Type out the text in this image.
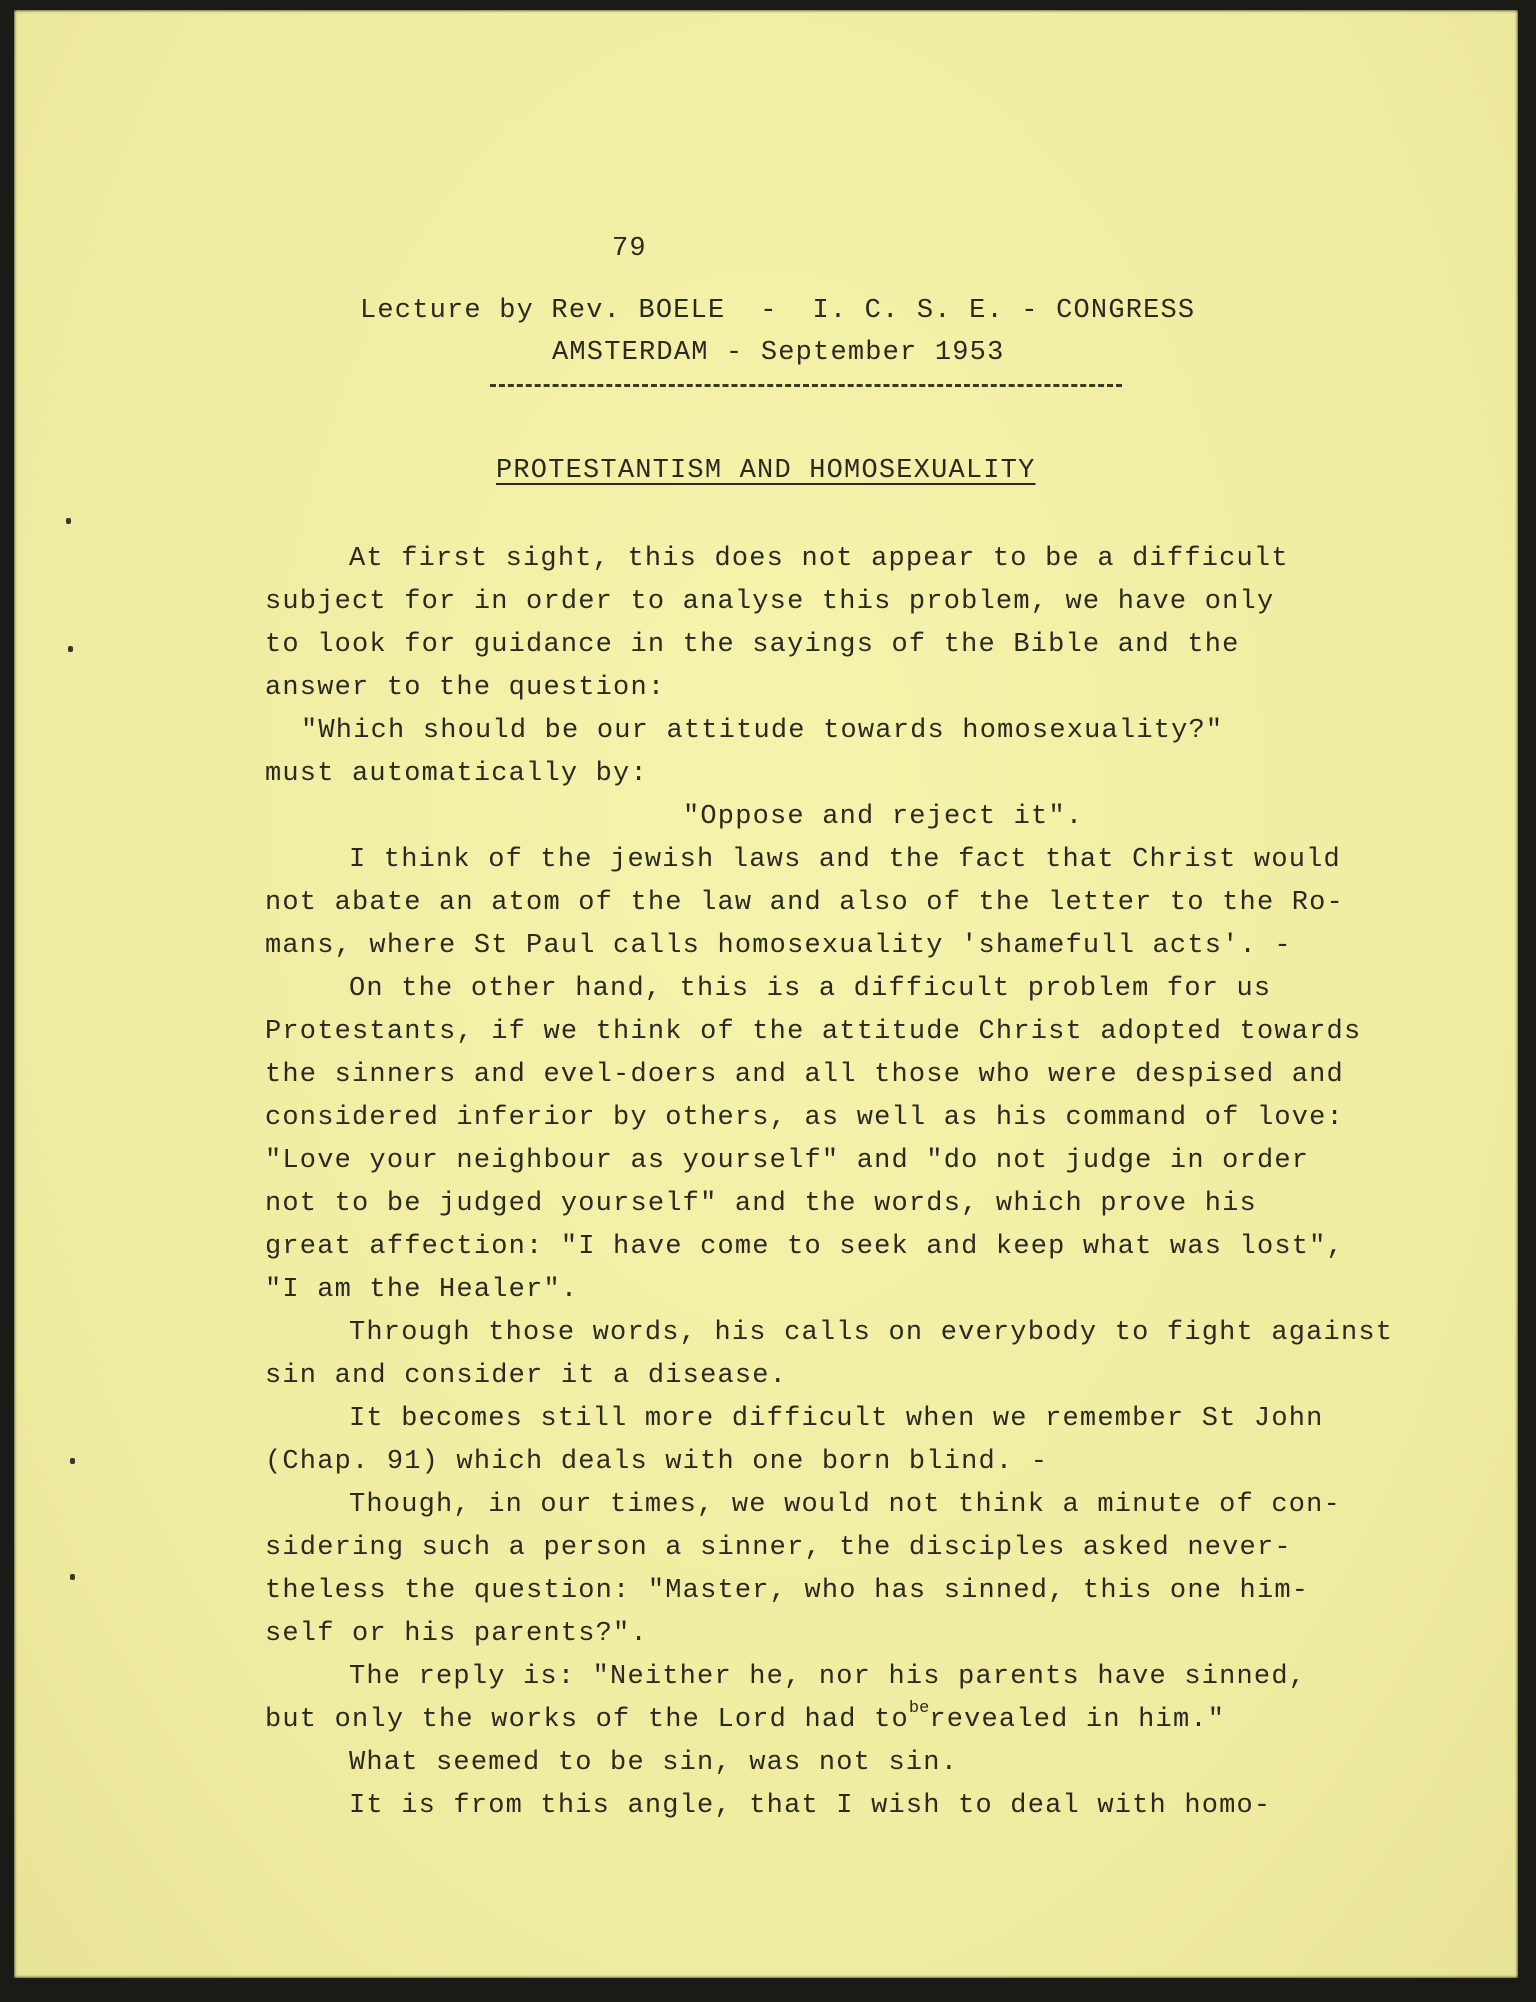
79
Lecture by Rev. BOELE  -  I. C. S. E. - CONGRESS
AMSTERDAM - September 1953
PROTESTANTISM AND HOMOSEXUALITY
At first sight, this does not appear to be a difficult
subject for in order to analyse this problem, we have only
to look for guidance in the sayings of the Bible and the
answer to the question:
"Which should be our attitude towards homosexuality?"
must automatically by:
"Oppose and reject it".
I think of the jewish laws and the fact that Christ would
not abate an atom of the law and also of the letter to the Ro-
mans, where St Paul calls homosexuality 'shamefull acts'. -
On the other hand, this is a difficult problem for us
Protestants, if we think of the attitude Christ adopted towards
the sinners and evel-doers and all those who were despised and
considered inferior by others, as well as his command of love:
"Love your neighbour as yourself" and "do not judge in order
not to be judged yourself" and the words, which prove his
great affection: "I have come to seek and keep what was lost",
"I am the Healer".
Through those words, his calls on everybody to fight against
sin and consider it a disease.
It becomes still more difficult when we remember St John
(Chap. 91) which deals with one born blind. -
Though, in our times, we would not think a minute of con-
sidering such a person a sinner, the disciples asked never-
theless the question: "Master, who has sinned, this one him-
self or his parents?".
The reply is: "Neither he, nor his parents have sinned,
but only the works of the Lord had $to^{be}revealed$ in him."
What seemed to be sin, was not sin.
It is from this angle, that I wish to deal with homo-
